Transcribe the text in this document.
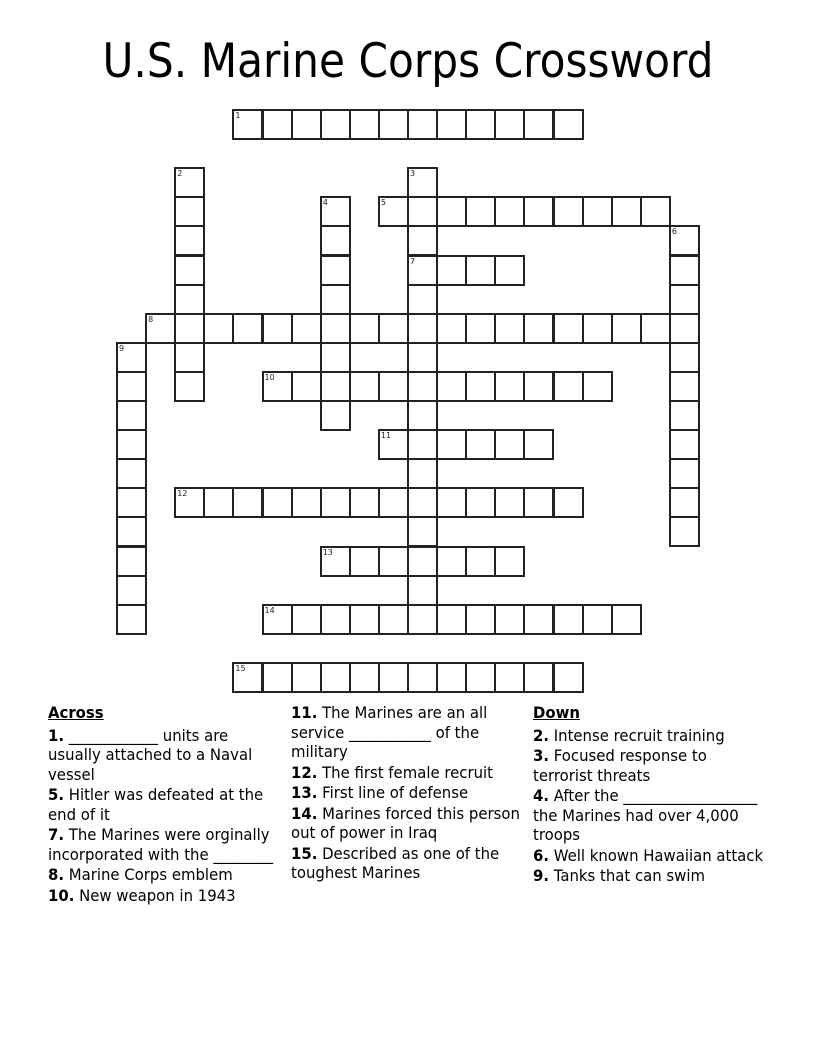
U.S. Marine Corps Crossword
1
2	3
7
4	5
6
8
9
10
11
12
13
14
15
Across
1. ____________ units are usually attached to a Naval vessel
5. Hitler was defeated at the end of it
7. The Marines were orginally incorporated with the ________
8. Marine Corps emblem
10. New weapon in 1943
11. The Marines are an all service ___________ of the military
12. The first female recruit
13. First line of defense
14. Marines forced this person out of power in Iraq
15. Described as one of the toughest Marines
Down
2. Intense recruit training
3. Focused response to terrorist threats
4. After the __________________ the Marines had over 4,000 troops
6. Well known Hawaiian attack
9. Tanks that can swim
